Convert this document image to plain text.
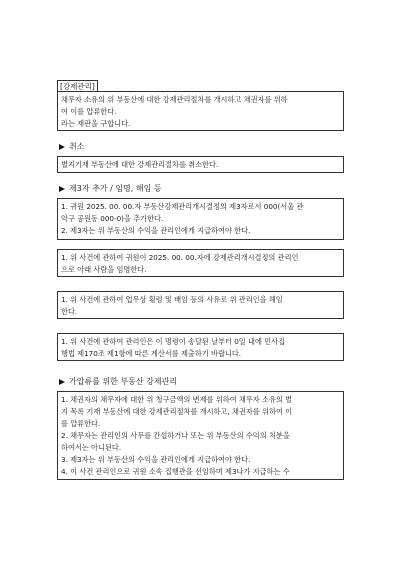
[강제관리]

채무자 소유의 위 부동산에 대한 강제관리절차를 개시하고 채권자를 위하

여 이를 압류한다.

라는 재판을 구합니다.

취소

별지기재 부동산에 대한 강제관리절차를 취소한다.

제3자 추가 / 임명, 해임 등

1. 귀원 2025. 00. 00.자 부동산강제관리개시결정의 제3자로서 000(서울 관

악구 공원동 000-0)을 추가한다.

2. 제3자는 위 부동산의 수익을 관리인에게 지급하여야 한다.

1. 위 사건에 관하여 귀원이 2025. 00. 00.자에 강제관리개시결정의 관리인

으로 아래 사람을 임명한다.

1. 위 사건에 관하여 업무상 횡령 및 배임 등의 사유로 위 관리인을 해임

한다.

1. 위 사건에 관하여 관리인은 이 명령이 송달된 날부터 0일 내에 민사집

행법 제170조 제1항에 따른 계산서를 제출하기 바랍니다.

가압류를 위한 부동산 강제관리

1. 채권자의 채무자에 대한 위 청구금액의 변제를 위하여 채무자 소유의 별

지 목록 기재 부동산에 대한 강제관리절차를 개시하고, 채권자를 위하여 이

를 압류한다.

2. 채무자는 관리인의 사무를 간섭하거나 또는 위 부동산의 수익의 처분을

하여서는 아니된다.

3. 제3자는 위 부동산의 수익을 관리인에게 지급하여야 한다.

4. 이 사건 관리인으로 귀원 소속 집행관을 선임하며 제3나가 지급하는 수
